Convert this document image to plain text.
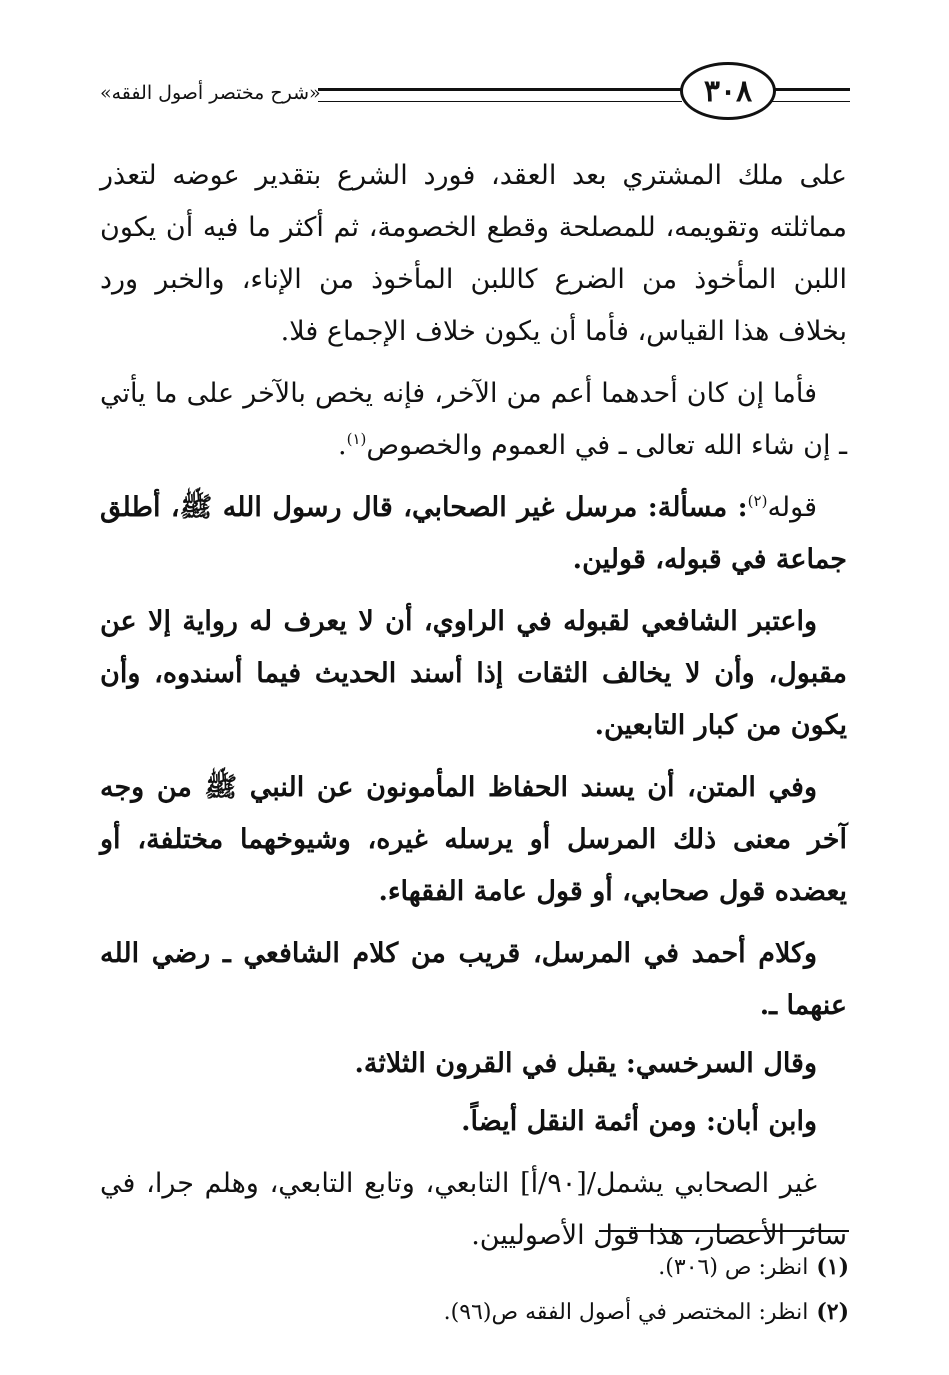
«شرح مختصر أصول الفقه»	٣٠٨

على ملك المشتري بعد العقد، فورد الشرع بتقدير عوضه لتعذر مماثلته وتقويمه، للمصلحة وقطع الخصومة، ثم أكثر ما فيه أن يكون اللبن المأخوذ من الضرع كاللبن المأخوذ من الإناء، والخبر ورد بخلاف هذا القياس، فأما أن يكون خلاف الإجماع فلا.

فأما إن كان أحدهما أعم من الآخر، فإنه يخص بالآخر على ما يأتي ـ إن شاء الله تعالى ـ في العموم والخصوص$^{(١)}$.

قوله$^{(٢)}$: مسألة: مرسل غير الصحابي، قال رسول الله ﷺ، أطلق جماعة في قبوله، قولين.

واعتبر الشافعي لقبوله في الراوي، أن لا يعرف له رواية إلا عن مقبول، وأن لا يخالف الثقات إذا أسند الحديث فيما أسندوه، وأن يكون من كبار التابعين.

وفي المتن، أن يسند الحفاظ المأمونون عن النبي ﷺ من وجه آخر معنى ذلك المرسل أو يرسله غيره، وشيوخهما مختلفة، أو يعضده قول صحابي، أو قول عامة الفقهاء.

وكلام أحمد في المرسل، قريب من كلام الشافعي ـ رضي الله عنهما ـ.

وقال السرخسي: يقبل في القرون الثلاثة.

وابن أبان: ومن أئمة النقل أيضاً.

غير الصحابي يشمل/[٩٠/أ] التابعي، وتابع التابعي، وهلم جرا، في سائر الأعصار، هذا قول الأصوليين.

(١)انظر: ص (٣٠٦).

(٢)انظر: المختصر في أصول الفقه ص(٩٦).
